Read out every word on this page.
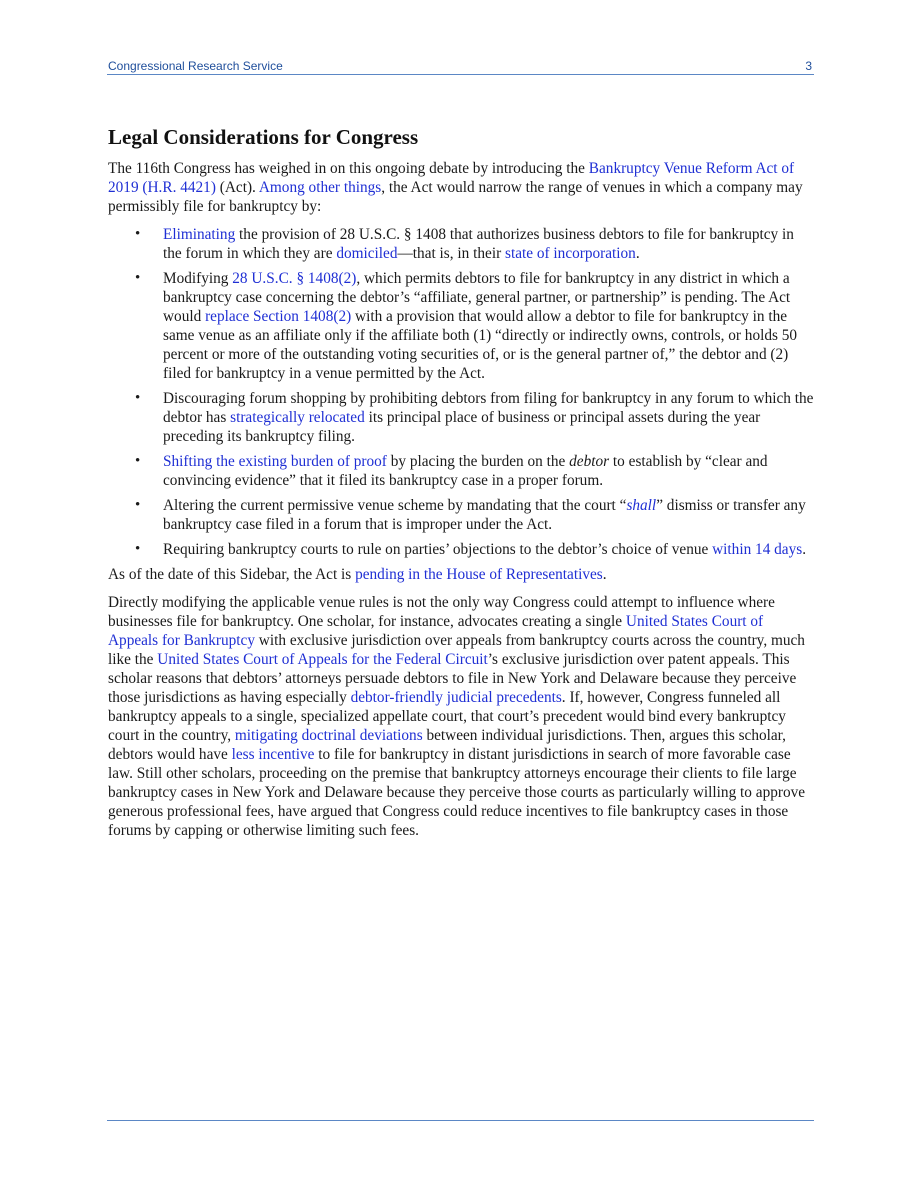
Congressional Research Service	3
Legal Considerations for Congress

The 116th Congress has weighed in on this ongoing debate by introducing the Bankruptcy Venue Reform Act of 2019 (H.R. 4421) (Act). Among other things, the Act would narrow the range of venues in which a company may permissibly file for bankruptcy by:

• Eliminating the provision of 28 U.S.C. § 1408 that authorizes business debtors to file for bankruptcy in the forum in which they are domiciled—that is, in their state of incorporation.
• Modifying 28 U.S.C. § 1408(2), which permits debtors to file for bankruptcy in any district in which a bankruptcy case concerning the debtor’s “affiliate, general partner, or partnership” is pending. The Act would replace Section 1408(2) with a provision that would allow a debtor to file for bankruptcy in the same venue as an affiliate only if the affiliate both (1) “directly or indirectly owns, controls, or holds 50 percent or more of the outstanding voting securities of, or is the general partner of,” the debtor and (2) filed for bankruptcy in a venue permitted by the Act.
• Discouraging forum shopping by prohibiting debtors from filing for bankruptcy in any forum to which the debtor has strategically relocated its principal place of business or principal assets during the year preceding its bankruptcy filing.
• Shifting the existing burden of proof by placing the burden on the debtor to establish by “clear and convincing evidence” that it filed its bankruptcy case in a proper forum.
• Altering the current permissive venue scheme by mandating that the court “shall” dismiss or transfer any bankruptcy case filed in a forum that is improper under the Act.
• Requiring bankruptcy courts to rule on parties’ objections to the debtor’s choice of venue within 14 days.

As of the date of this Sidebar, the Act is pending in the House of Representatives.

Directly modifying the applicable venue rules is not the only way Congress could attempt to influence where businesses file for bankruptcy. One scholar, for instance, advocates creating a single United States Court of Appeals for Bankruptcy with exclusive jurisdiction over appeals from bankruptcy courts across the country, much like the United States Court of Appeals for the Federal Circuit’s exclusive jurisdiction over patent appeals. This scholar reasons that debtors’ attorneys persuade debtors to file in New York and Delaware because they perceive those jurisdictions as having especially debtor-friendly judicial precedents. If, however, Congress funneled all bankruptcy appeals to a single, specialized appellate court, that court’s precedent would bind every bankruptcy court in the country, mitigating doctrinal deviations between individual jurisdictions. Then, argues this scholar, debtors would have less incentive to file for bankruptcy in distant jurisdictions in search of more favorable case law. Still other scholars, proceeding on the premise that bankruptcy attorneys encourage their clients to file large bankruptcy cases in New York and Delaware because they perceive those courts as particularly willing to approve generous professional fees, have argued that Congress could reduce incentives to file bankruptcy cases in those forums by capping or otherwise limiting such fees.
